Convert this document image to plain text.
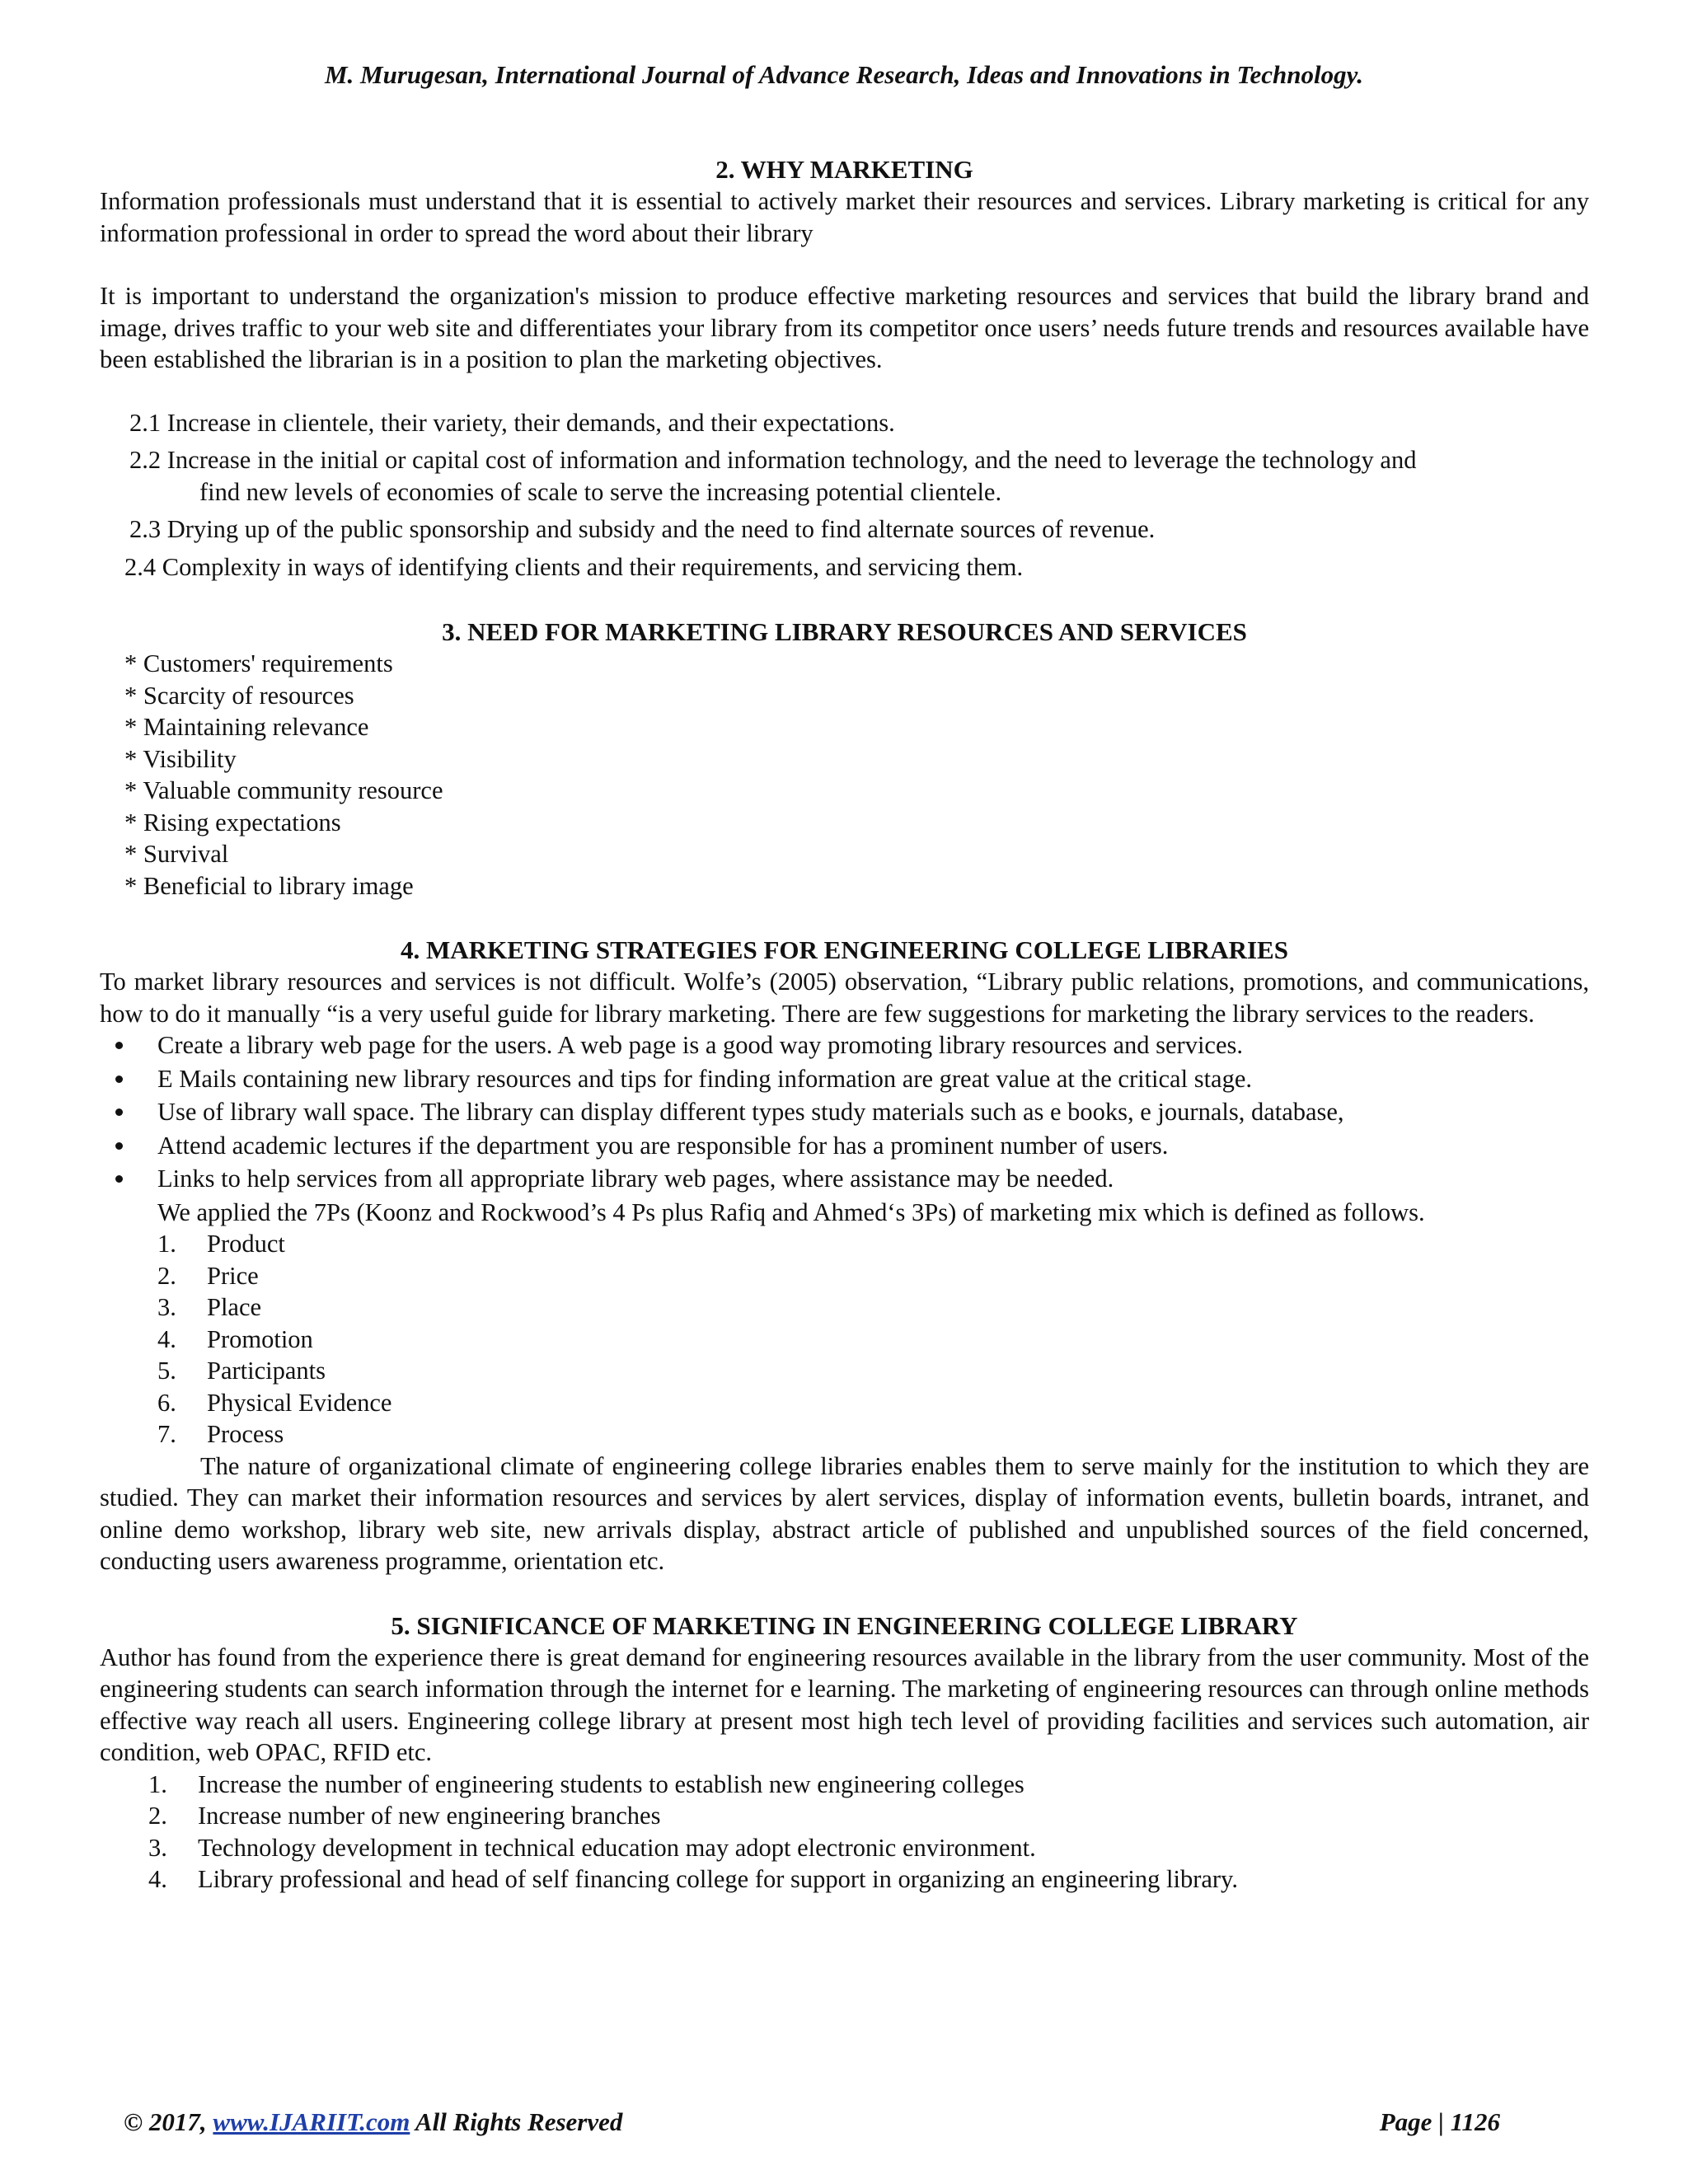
M. Murugesan, International Journal of Advance Research, Ideas and Innovations in Technology.
2. WHY MARKETING

Information professionals must understand that it is essential to actively market their resources and services. Library marketing is critical for any information professional in order to spread the word about their library

It is important to understand the organization's mission to produce effective marketing resources and services that build the library brand and image, drives traffic to your web site and differentiates your library from its competitor once users’ needs future trends and resources available have been established the librarian is in a position to plan the marketing objectives.

2.1 Increase in clientele, their variety, their demands, and their expectations.
2.2 Increase in the initial or capital cost of information and information technology, and the need to leverage the technology and
find new levels of economies of scale to serve the increasing potential clientele.
2.3 Drying up of the public sponsorship and subsidy and the need to find alternate sources of revenue.
2.4 Complexity in ways of identifying clients and their requirements, and servicing them.
3. NEED FOR MARKETING LIBRARY RESOURCES AND SERVICES
* Customers' requirements
* Scarcity of resources
* Maintaining relevance
* Visibility
* Valuable community resource
* Rising expectations
* Survival
* Beneficial to library image
4. MARKETING STRATEGIES FOR ENGINEERING COLLEGE LIBRARIES

To market library resources and services is not difficult. Wolfe’s (2005) observation, “Library public relations, promotions, and communications, how to do it manually “is a very useful guide for library marketing. There are few suggestions for marketing the library services to the readers.

Create a library web page for the users. A web page is a good way promoting library resources and services.
E Mails containing new library resources and tips for finding information are great value at the critical stage.
Use of library wall space. The library can display different types study materials such as e books, e journals, database,
Attend academic lectures if the department you are responsible for has a prominent number of users.
Links to help services from all appropriate library web pages, where assistance may be needed.
We applied the 7Ps (Koonz and Rockwood’s 4 Ps plus Rafiq and Ahmed‘s 3Ps) of marketing mix which is defined as follows.
1. Product
2. Price
3. Place
4. Promotion
5. Participants
6. Physical Evidence
7. Process

The nature of organizational climate of engineering college libraries enables them to serve mainly for the institution to which they are studied. They can market their information resources and services by alert services, display of information events, bulletin boards, intranet, and online demo workshop, library web site, new arrivals display, abstract article of published and unpublished sources of the field concerned, conducting users awareness programme, orientation etc.

5. SIGNIFICANCE OF MARKETING IN ENGINEERING COLLEGE LIBRARY

Author has found from the experience there is great demand for engineering resources available in the library from the user community. Most of the engineering students can search information through the internet for e learning. The marketing of engineering resources can through online methods effective way reach all users. Engineering college library at present most high tech level of providing facilities and services such automation, air condition, web OPAC, RFID etc.

1. Increase the number of engineering students to establish new engineering colleges
2. Increase number of new engineering branches
3. Technology development in technical education may adopt electronic environment.
4. Library professional and head of self financing college for support in organizing an engineering library.
© 2017, www.IJARIIT.com All Rights Reserved	Page | 1126
